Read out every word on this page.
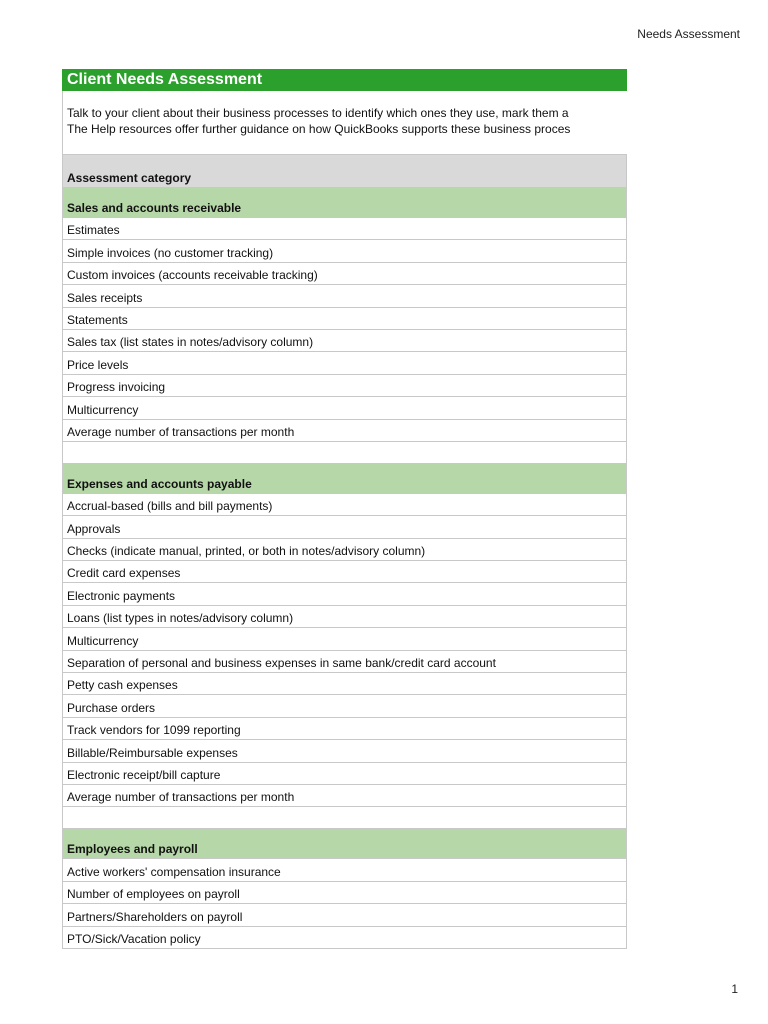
Needs Assessment
Client Needs Assessment
Talk to your client about their business processes to identify which ones they use, mark them a
The Help resources offer further guidance on how QuickBooks supports these business proces
Assessment category
Sales and accounts receivable
Estimates
Simple invoices (no customer tracking)
Custom invoices (accounts receivable tracking)
Sales receipts
Statements
Sales tax (list states in notes/advisory column)
Price levels
Progress invoicing
Multicurrency
Average number of transactions per month
Expenses and accounts payable
Accrual-based (bills and bill payments)
Approvals
Checks (indicate manual, printed, or both in notes/advisory column)
Credit card expenses
Electronic payments
Loans (list types in notes/advisory column)
Multicurrency
Separation of personal and business expenses in same bank/credit card account
Petty cash expenses
Purchase orders
Track vendors for 1099 reporting
Billable/Reimbursable expenses
Electronic receipt/bill capture
Average number of transactions per month
Employees and payroll
Active workers' compensation insurance
Number of employees on payroll
Partners/Shareholders on payroll
PTO/Sick/Vacation policy
1
